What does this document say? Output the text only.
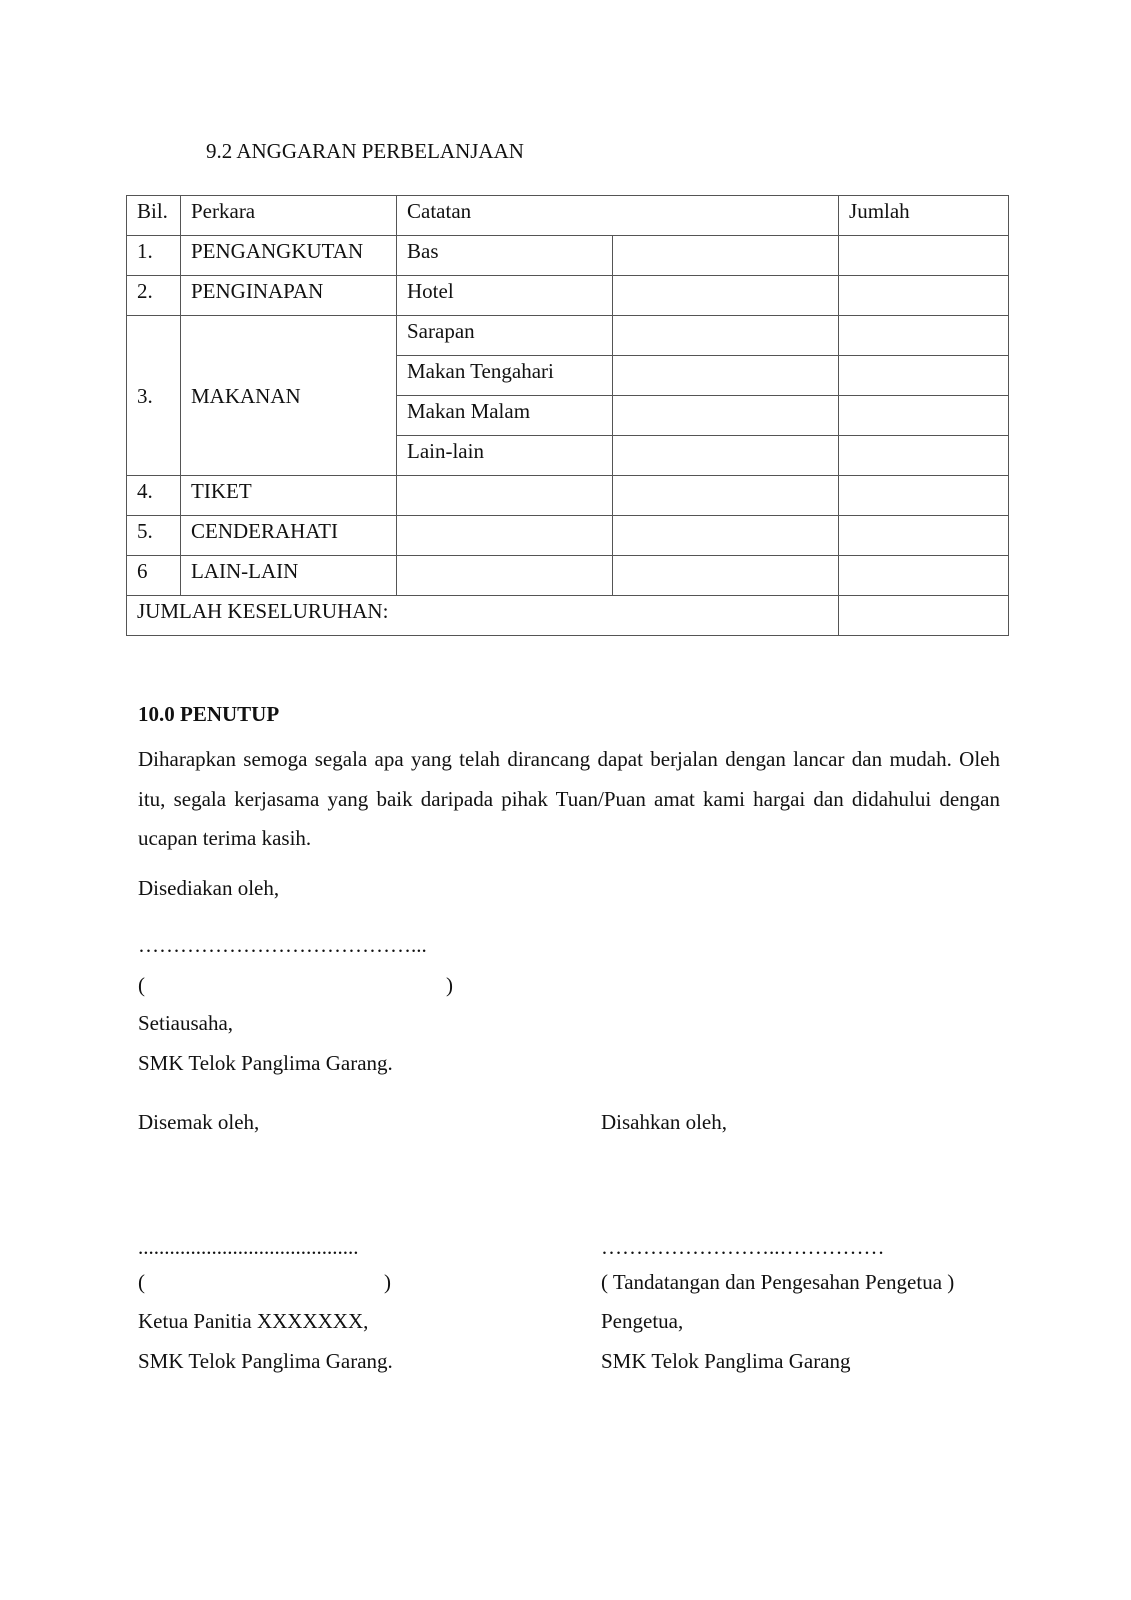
9.2 ANGGARAN PERBELANJAAN
Bil.	Perkara	Catatan		Jumlah
1.	PENGANGKUTAN	Bas		
2.	PENGINAPAN	Hotel		
3.	MAKANAN	Sarapan		
		Makan Tengahari		
		Makan Malam		
		Lain-lain		
4.	TIKET			
5.	CENDERAHATI			
6	LAIN-LAIN			
JUMLAH KESELURUHAN:				
10.0 PENUTUP
Diharapkan semoga segala apa yang telah dirancang dapat berjalan dengan lancar dan mudah. Oleh itu, segala kerjasama yang baik daripada pihak Tuan/Puan amat kami hargai dan didahului dengan ucapan terima kasih.
Disediakan oleh,
…………………………………...
(	)
Setiausaha,
SMK Telok Panglima Garang.
Disemak oleh,
..........................................
(	)
Ketua Panitia XXXXXXX,
SMK Telok Panglima Garang.
Disahkan oleh,
……………………..……………
( Tandatangan dan Pengesahan Pengetua )
Pengetua,
SMK Telok Panglima Garang
